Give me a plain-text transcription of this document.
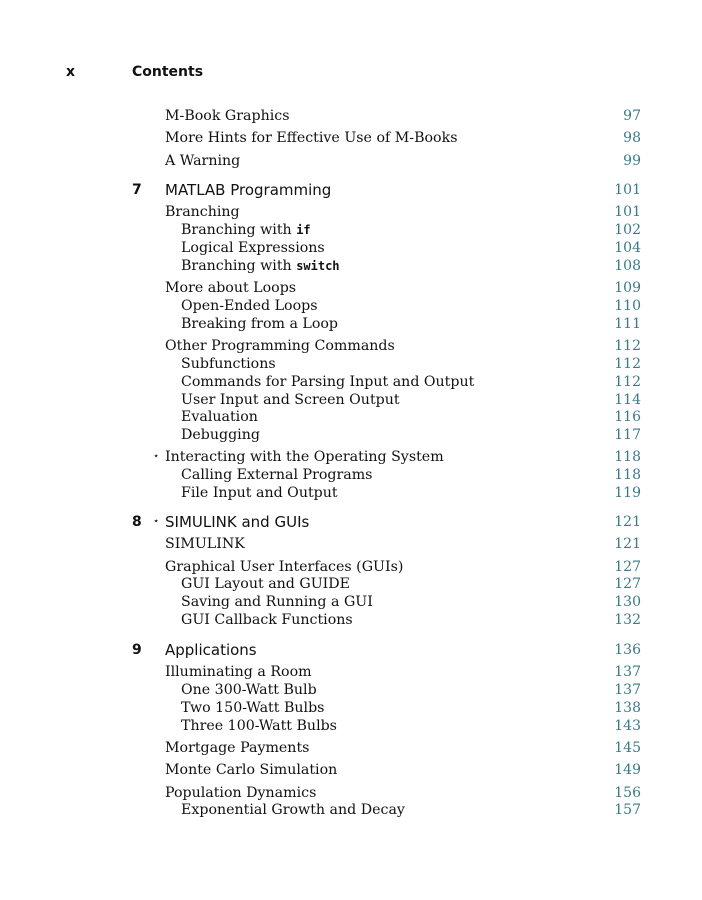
x	Contents
M-Book Graphics	97
More Hints for Effective Use of M-Books	98
A Warning	99
7 MATLAB Programming	101
Branching	101
Branching with if	102
Logical Expressions	104
Branching with switch	108
More about Loops	109
Open-Ended Loops	110
Breaking from a Loop	111
Other Programming Commands	112
Subfunctions	112
Commands for Parsing Input and Output	112
User Input and Screen Output	114
Evaluation	116
Debugging	117
⋆ Interacting with the Operating System	118
Calling External Programs	118
File Input and Output	119
8 ⋆ SIMULINK and GUIs	121
SIMULINK	121
Graphical User Interfaces (GUIs)	127
GUI Layout and GUIDE	127
Saving and Running a GUI	130
GUI Callback Functions	132
9 Applications	136
Illuminating a Room	137
One 300-Watt Bulb	137
Two 150-Watt Bulbs	138
Three 100-Watt Bulbs	143
Mortgage Payments	145
Monte Carlo Simulation	149
Population Dynamics	156
Exponential Growth and Decay	157
